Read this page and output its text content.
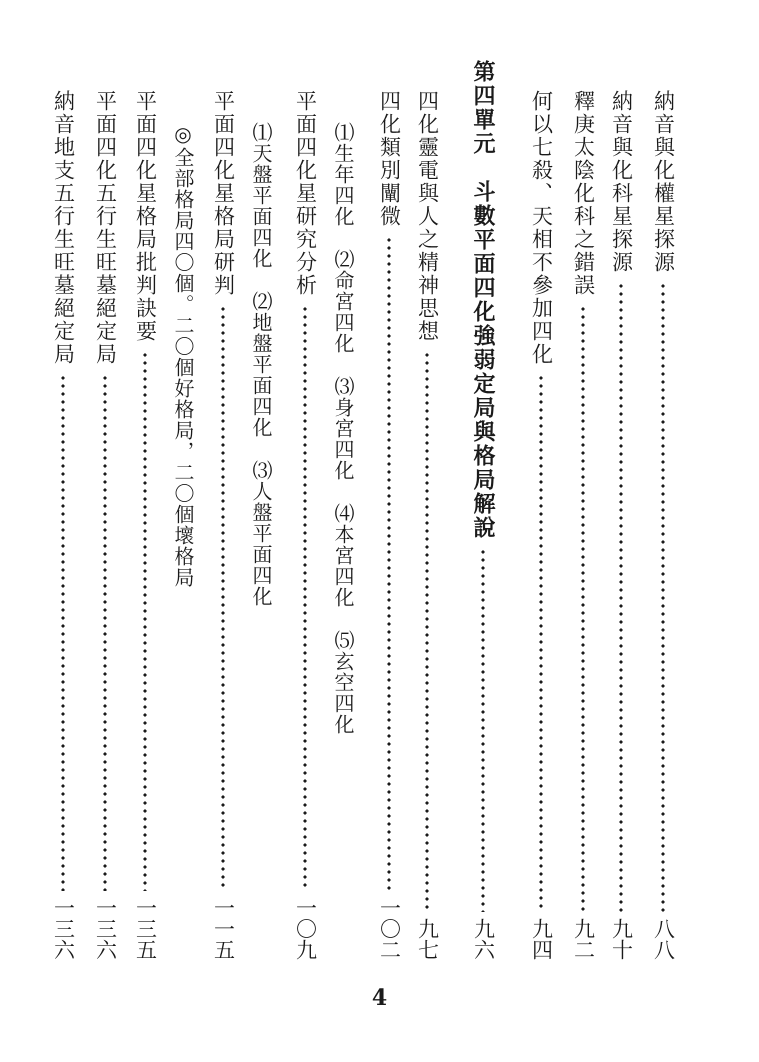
納音與化權星探源
八八
納音與化科星探源
九十
釋庚太陰化科之錯誤
九二
何以七殺、天相不參加四化
九四
第四單元　斗數平面四化強弱定局與格局解說
九六
四化靈電與人之精神思想
九七
四化類別闡微
一〇二
⑴生年四化
⑵命宮四化
⑶身宮四化
⑷本宮四化
⑸玄空四化
平面四化星研究分析
一〇九
⑴天盤平面四化
⑵地盤平面四化
⑶人盤平面四化
平面四化星格局研判
一一五
◎全部格局四〇個。二〇個好格局，二〇個壞格局
平面四化星格局批判訣要
一三五
平面四化五行生旺墓絕定局
一三六
納音地支五行生旺墓絕定局
一三六
4
